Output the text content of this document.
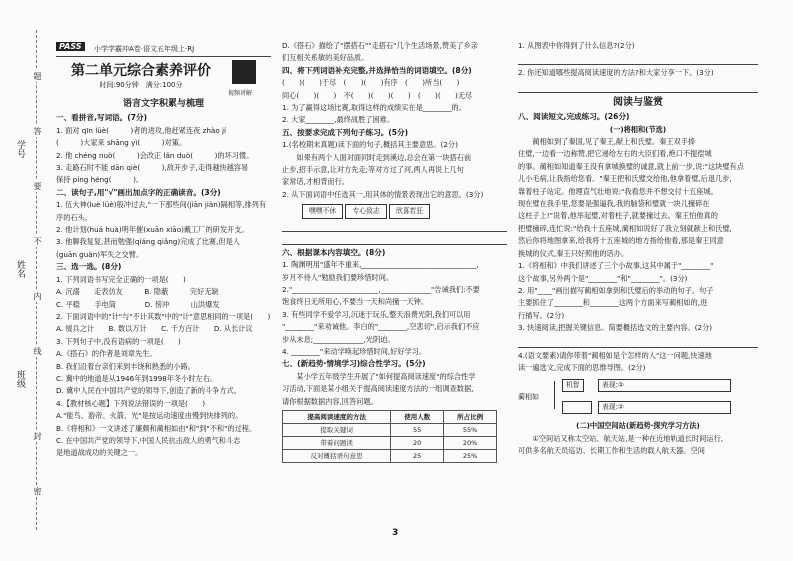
学号
姓名
班级
题
答
要
不
内
线
封
密
PASS	小学学霸冲A卷·语文五年级上·RJ
第二单元综合素养评价
时间:90分钟　满分:100分
视频讲解
语言文字积累与梳理
一、看拼音,写词语。(7分)
1. 面对 qīn lüè(　　　)者的进攻,他赶紧连夜 zhào jí
(　　　)大家来 shāng yì(　　　)对策。
2. 他 chéng nuò(　　　)会改正 lǎn duò(　　　)的坏习惯。
3. 走路石时不能 dān qiè(　　　),敌开步子,走得越快越容易
保持 píng héng(　　　)。
二、读句子,用"√"画出加点字的正确读音。(3分)
1. 伍大神(luè lüè)般冲过去,"一下那些间(jiān jiàn)隔相等,排列有
序的石头。
2. 他计划(huá huà)明年催(xuān xiāo)戴工厂的研发开支。
3. 他聊我复复,甚而勉强(qiáng qiǎng)完成了比赛,但是人
(guān guàn)军失之交臂。
三、选一选。(8分)
1. 下列词语书写完全正确的一项是(　　)
A. 沉溺　　走表仿友　　　B. 隐蔽　　　完好无缺
C. 平稳　　手电筒　　　　D. 傍冲　　　山洪爆发
2. 下面词语中的"计"与"不计其数"中的"计"意思相同的一项是(　　)
A. 缓兵之计　　B. 数以万计　　C. 千方百计　　D. 从长计议
3. 下列句子中,没有语病的一项是(　　)
A.《搭石》的作者是刘章先生。
B. 我们沿着台亲们来到丰饶和熟悉的小路。
C. 冀中的地道是从1946年到1998年冬小时左右。
D. 冀中人民在中国共产党的领导下,创造了新的斗争方式。
4.【教材核心题】下列说法错误的一项是(　　)
A."能鸟、游帝、火箭、光"是按运动速度由慢到快排列的。
B.《将相和》一文讲述了廉颇和蔺相如由"和"到"不和"的过程。
C. 在中国共产党的领导下,中国人民抗击敌人的勇气和斗志
是地道战成功的关键之一。
D.《搭石》描绘了"摆搭石""走搭石"几个生活场景,赞美了乡亲
们互相关系敏的美好品质。
四、将下列词语补充完整,并选择恰当的词语填空。(8分)
(　　)(　　)于尽　(　　)(　　)有序　(　　)所当(　　)
同心(　　)(　　)　不(　　)(　　)(　　)　(　　)(　　)无尽
1. 为了赢得这场比赛,取得这样的成绩实在是________的。
2. 大家________,最终战胜了困难。
五、按要求完成下列句子练习。(5分)
1.(名校期末真题)读下面的句子,概括其主要意思。(2分)
　　如果有两个人面对面同时走到溪边,总会在第一块搭石前
止步,招手示意,让对方先走;等对方过了河,两人再说上几句
家常话,才相背而行。
2. 从下面词语中任选其一,用其体的情景表现出它的意思。(3分)
嘿嘿不休 专心致志 欣喜若狂
六、根据课本内容填空。(8分)
1. 陶渊明用"盛年不重来,________________________________,
岁月不待人"勉励我们要珍惜时间。
2."________________________,______________"告诫我们:不要
饱食终日无所用心,不要当一天和尚撞一天钟。
3. 有些同学不爱学习,沉迷于玩乐,整天浪费光阴,我们可以用
"________"来劝诫他。李白的"________,空悲切",启示我们不应
步从未息;______________,光阴迫。
4. ________"来动学唤起珍惜时间,好好学习。
七、(新趋势·情境学习)综合性学习。(5分)
　　某小学五年级学生开展了"如何提高阅读速度"的综合性学
习活动,下面是某小组关于提高阅读速度方法的一组调查数据,
请你根据数据内容,回答问题。
提高阅读速度的方法	使用人数	所占比例
提取关键词	55	55%
带着问题读	20	20%
反对概括语句意思	25	25%
1. 从图表中你得到了什么信息?(2分)
2. 你还知道哪些提高阅读速度的方法?和大家分享一下。(3分)
阅读与鉴赏
八、阅读短文,完成练习。(26分)
(一)将相和(节选)
　　蔺相如到了秦国,见了秦王,献上和氏璧。秦王双手捧
住璧,一边看一边称赞,把它递给左右的大臣们看,绝口不提偿城
的事。蔺相如知道秦王没有拿城换璧的诚意,就上前一步,说:"这块璧有点
儿小毛病,让我指给您看。"秦王把和氏璧交给他,他拿着璧,后退几步,
靠着柱子站定。他理直气壮地说:"我看您并不想交付十五座城。
现在璧在我手里,您要是强逼我,我的脑袋和璧就一块儿撞碎在
这柱子上!"说着,他举起璧,对着柱子,就要撞过去。秦王怕他真的
把璧撞碎,连忙说:"给我十五座城,蔺相如说好了我立刻就献上和氏璧,
然后你将地图拿来,给我将十五座城的地方指给他看,那是秦王同意
换城的仪式,秦王只好照他的话办。
1.《将相和》中我们讲述了三个小故事,这其中属于"________"
这个故事,另外两个是"________"和"________"。(3分)
2. 用"____"画出描写蔺相如拿到和氏璧后的举动的句子。句子
主要抓住了________和________这两个方面来写蔺相如的,进
行描写。(2分)
3. 快速阅读,把握关键信息。简要概括选文的主要内容。(2分)
4.(语文要素)请你带着"蔺相如是个怎样的人"这一问题,快速地
读一遍选文,完成下面的思维导图。(2分)
蔺相如
机智	表现:①
表现:②
(二)中国空间站(新趋势·探究学习方法)
　　①空间站又称太空站、航天站,是一种在近地轨道长时间运行,
可供多名航天员巡访、长期工作和生活的载人航天器。空间
3
